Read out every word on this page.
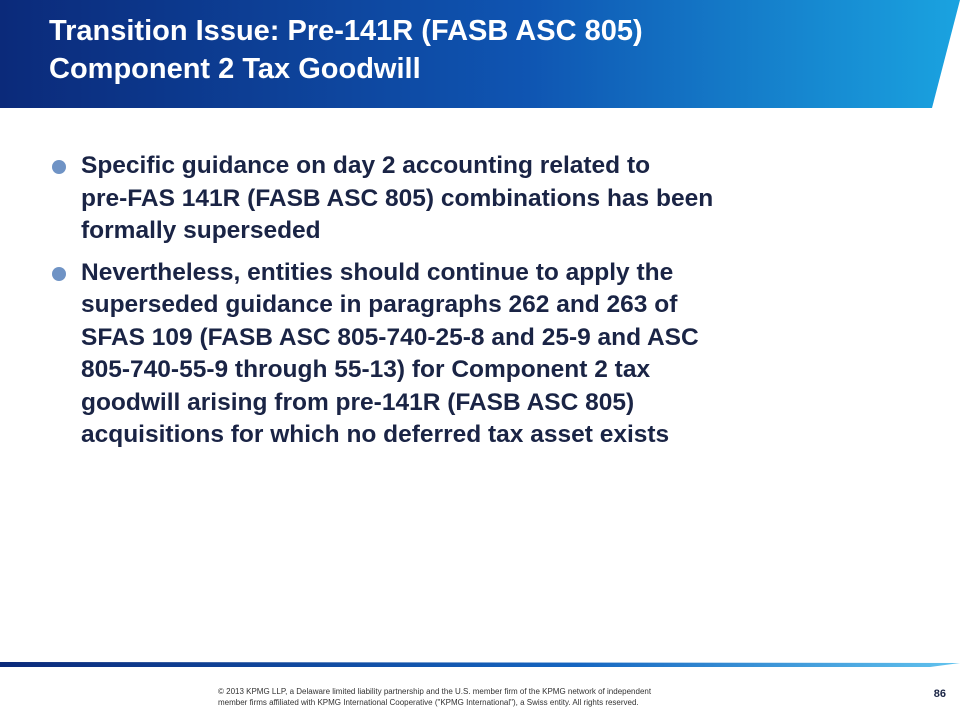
Transition Issue: Pre-141R (FASB ASC 805)
Component 2 Tax Goodwill
Specific guidance on day 2 accounting related to
pre-FAS 141R (FASB ASC 805) combinations has been
formally superseded
Nevertheless, entities should continue to apply the
superseded guidance in paragraphs 262 and 263 of
SFAS 109 (FASB ASC 805-740-25-8 and 25-9 and ASC
805-740-55-9 through 55-13) for Component 2 tax
goodwill arising from pre-141R (FASB ASC 805)
acquisitions for which no deferred tax asset exists
© 2013 KPMG LLP, a Delaware limited liability partnership and the U.S. member firm of the KPMG network of independent
member firms affiliated with KPMG International Cooperative ("KPMG International"), a Swiss entity. All rights reserved.
86
